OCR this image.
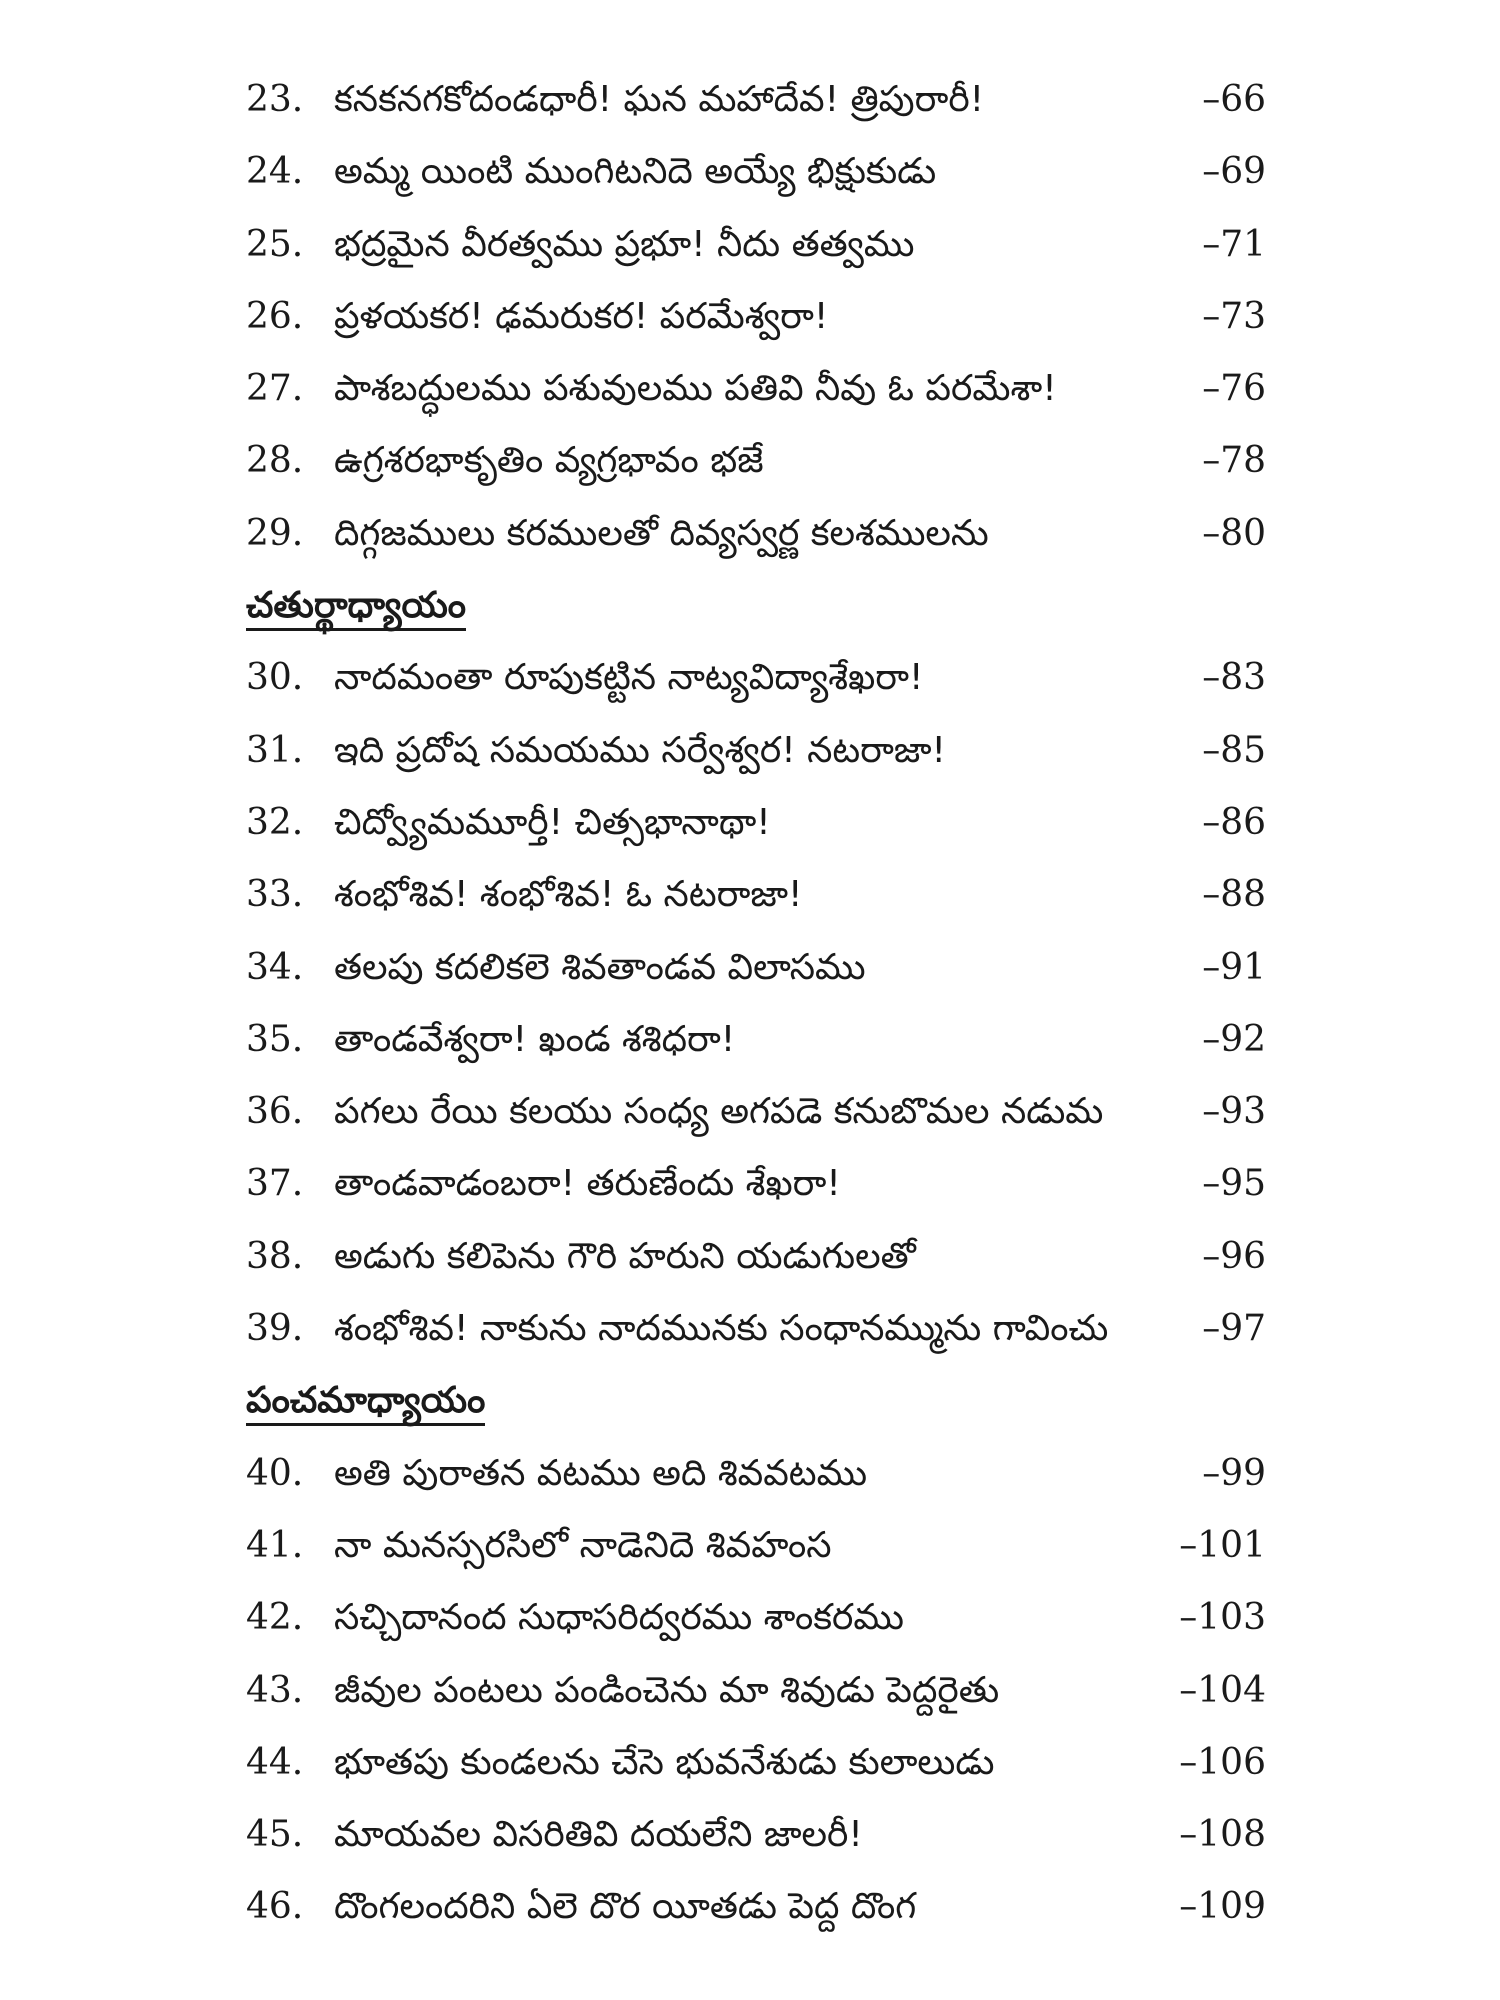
23. కనకనగకోదండధారీ! ఘన మహాదేవ! త్రిపురారీ!	–66
24. అమ్మ యింటి ముంగిటనిదె అయ్యే భిక్షుకుడు	–69
25. భద్రమైన వీరత్వము ప్రభూ! నీదు తత్వము	–71
26. ప్రళయకర! ఢమరుకర! పరమేశ్వరా!	–73
27. పాశబద్ధులము పశువులము పతివి నీవు ఓ పరమేశా!	–76
28. ఉగ్రశరభాకృతిం వ్యగ్రభావం భజే	–78
29. దిగ్గజములు కరములతో దివ్యస్వర్ణ కలశములను	–80
చతుర్థాధ్యాయం
30. నాదమంతా రూపుకట్టిన నాట్యవిద్యాశేఖరా!	–83
31. ఇది ప్రదోష సమయము సర్వేశ్వర! నటరాజా!	–85
32. చిద్వ్యోమమూర్తీ! చిత్సభానాథా!	–86
33. శంభోశివ! శంభోశివ! ఓ నటరాజా!	–88
34. తలపు కదలికలె శివతాండవ విలాసము	–91
35. తాండవేశ్వరా! ఖండ శశిధరా!	–92
36. పగలు రేయి కలయు సంధ్య అగపడె కనుబొమల నడుమ	–93
37. తాండవాడంబరా! తరుణేందు శేఖరా!	–95
38. అడుగు కలిపెను గౌరి హరుని యడుగులతో	–96
39. శంభోశివ! నాకును నాదమునకు సంధానమ్మును గావించు	–97
పంచమాధ్యాయం
40. అతి పురాతన వటము అది శివవటము	–99
41. నా మనస్సరసిలో నాడెనిదె శివహంస	–101
42. సచ్చిదానంద సుధాసరిద్వరము శాంకరము	–103
43. జీవుల పంటలు పండించెను మా శివుడు పెద్దరైతు	–104
44. భూతపు కుండలను చేసె భువనేశుడు కులాలుడు	–106
45. మాయవల విసరితివి దయలేని జాలరీ!	–108
46. దొంగలందరిని ఏలె దొర యీతడు పెద్ద దొంగ	–109
